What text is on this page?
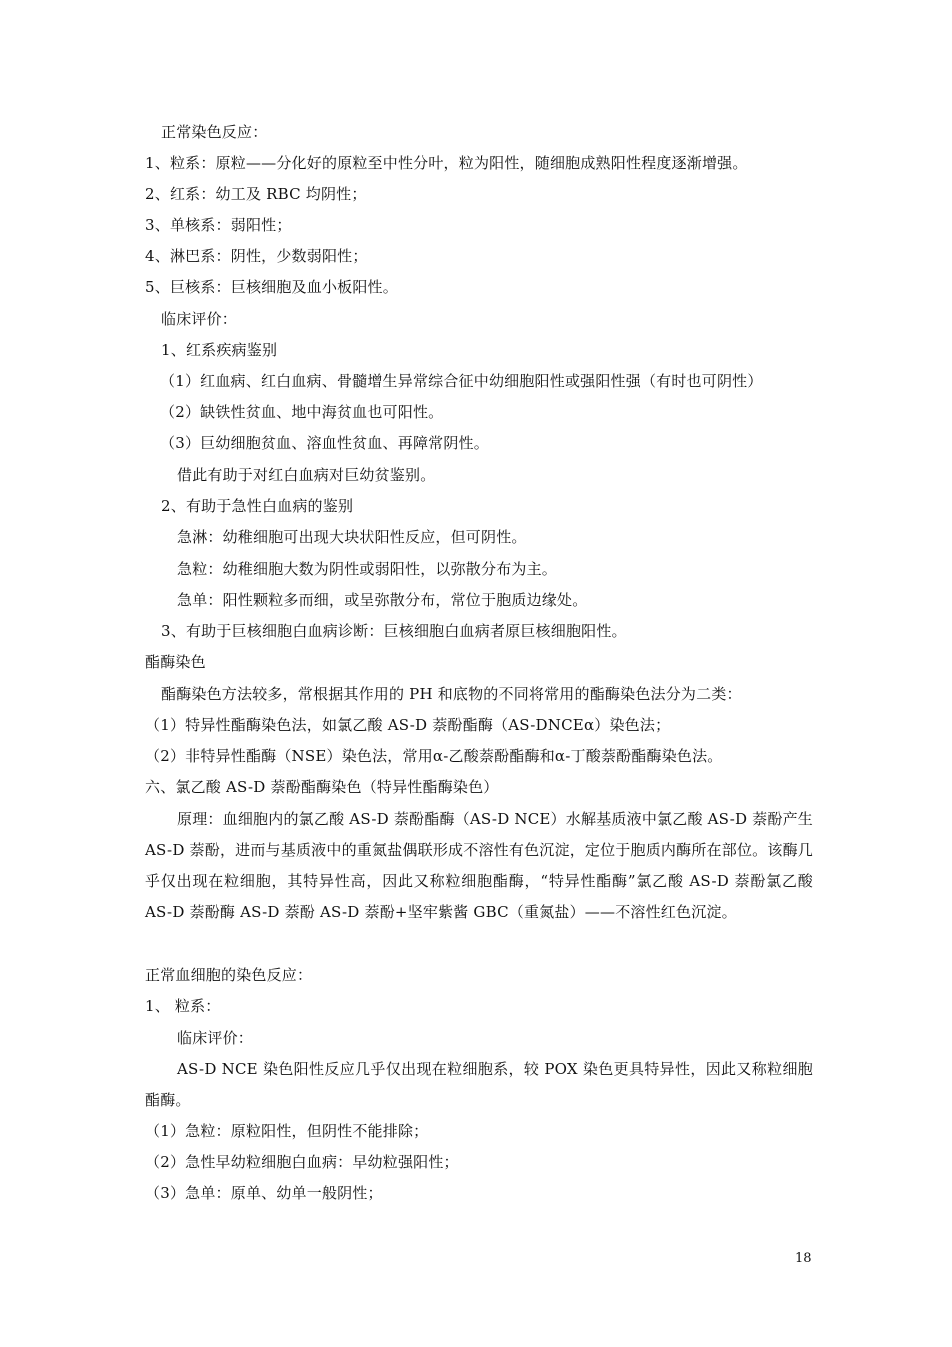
正常染色反应：
1、粒系：原粒——分化好的原粒至中性分叶，粒为阳性，随细胞成熟阳性程度逐渐增强。
2、红系：幼工及 RBC 均阴性；
3、单核系：弱阳性；
4、淋巴系：阴性，少数弱阳性；
5、巨核系：巨核细胞及血小板阳性。
临床评价：
1、红系疾病鉴别
（1）红血病、红白血病、骨髓增生异常综合征中幼细胞阳性或强阳性强（有时也可阴性）
（2）缺铁性贫血、地中海贫血也可阳性。
（3）巨幼细胞贫血、溶血性贫血、再障常阴性。
借此有助于对红白血病对巨幼贫鉴别。
2、有助于急性白血病的鉴别
急淋：幼稚细胞可出现大块状阳性反应，但可阴性。
急粒：幼稚细胞大数为阴性或弱阳性，以弥散分布为主。
急单：阳性颗粒多而细，或呈弥散分布，常位于胞质边缘处。
3、有助于巨核细胞白血病诊断：巨核细胞白血病者原巨核细胞阳性。
酯酶染色
酯酶染色方法较多，常根据其作用的 PH 和底物的不同将常用的酯酶染色法分为二类：
（1）特异性酯酶染色法，如氯乙酸 AS-D 萘酚酯酶（AS-DNCEα）染色法；
（2）非特异性酯酶（NSE）染色法，常用α-乙酸萘酚酯酶和α-丁酸萘酚酯酶染色法。
六、氯乙酸 AS-D 萘酚酯酶染色（特异性酯酶染色）
原理：血细胞内的氯乙酸 AS-D 萘酚酯酶（AS-D NCE）水解基质液中氯乙酸 AS-D 萘酚产生 AS-D 萘酚，进而与基质液中的重氮盐偶联形成不溶性有色沉淀，定位于胞质内酶所在部位。该酶几乎仅出现在粒细胞，其特异性高，因此又称粒细胞酯酶，“特异性酯酶”氯乙酸 AS-D 萘酚氯乙酸 AS-D 萘酚酶 AS-D 萘酚 AS-D 萘酚+坚牢紫酱 GBC（重氮盐）——不溶性红色沉淀。
正常血细胞的染色反应：
1、 粒系：
临床评价：
AS-D NCE 染色阳性反应几乎仅出现在粒细胞系，较 POX 染色更具特异性，因此又称粒细胞酯酶。
（1）急粒：原粒阳性，但阴性不能排除；
（2）急性早幼粒细胞白血病：早幼粒强阳性；
（3）急单：原单、幼单一般阴性；
18
